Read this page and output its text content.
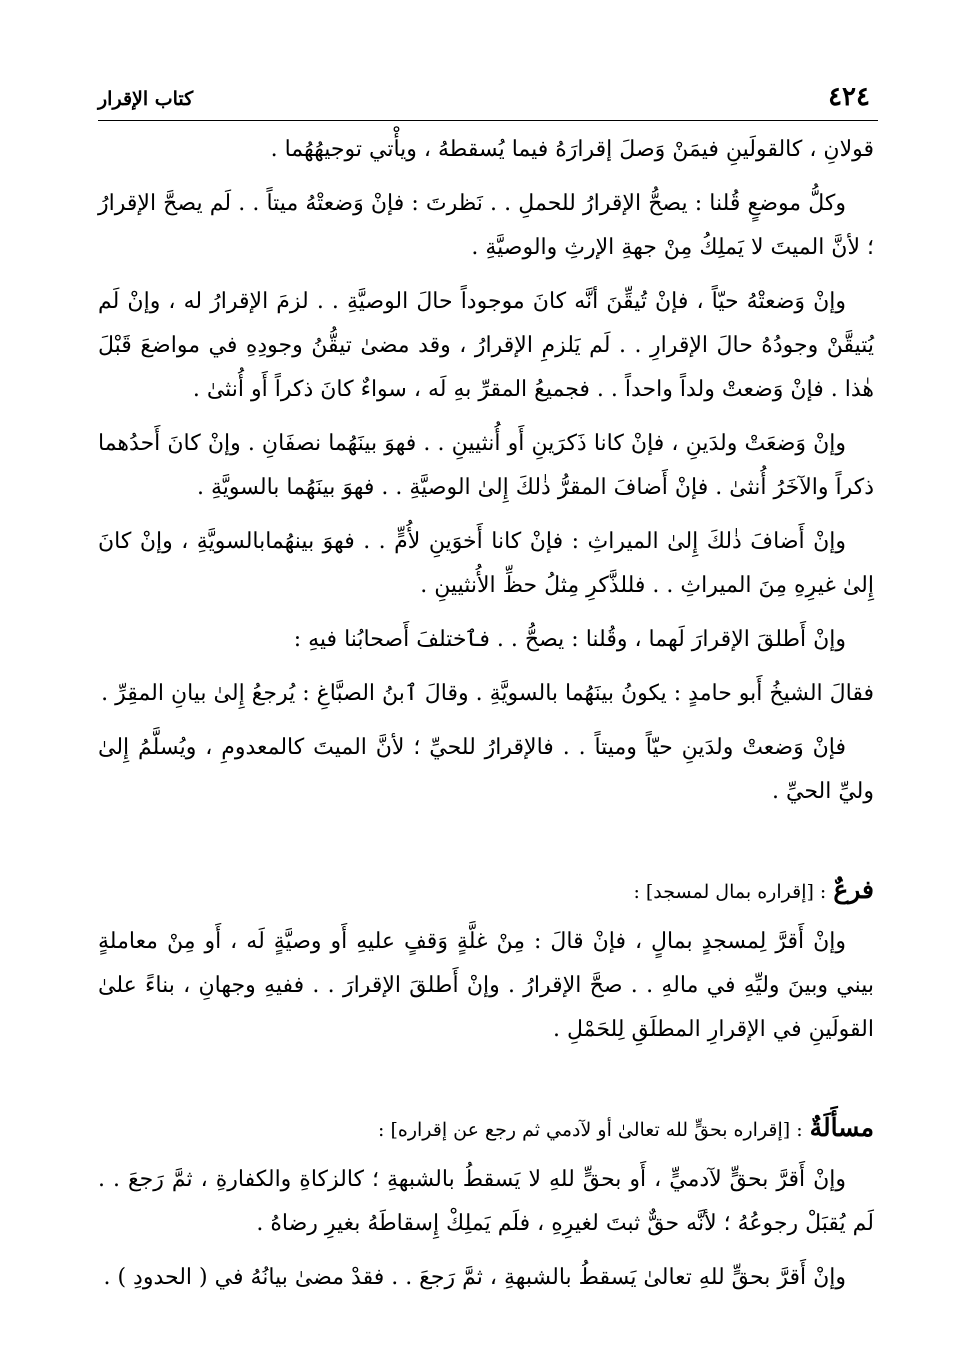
٤٢٤
كتاب الإقرار

قولانِ ، كالقولَينِ فيمَنْ وَصلَ إقرارَهُ فيما يُسقطهُ ، ويأْتي توجيهُهُما .

وكلُّ موضعٍ قُلنا : يصحُّ الإقرارُ للحملِ . . نَظرتَ : فإنْ وَضعتْهُ ميتاً . . لَم يصحَّ الإقرارُ ؛ لأنَّ الميتَ لا يَملِكُ مِنْ جهةِ الإرثِ والوصيَّةِ .

وإنْ وَضعتْهُ حيّاً ، فإنْ تُيقِّنَ أنَّه كانَ موجوداً حالَ الوصيَّةِ . . لزمَ الإقرارُ له ، وإنْ لَم يُتيقَّنْ وجودُهُ حالَ الإقرارِ . . لَم يَلزمِ الإقرارُ ، وقد مضىٰ تيقُّنُ وجودِهِ في مواضعَ قَبْلَ هٰذا . فإنْ وَضعتْ ولداً واحداً . . فجميعُ المقرِّ بهِ لَه ، سواءٌ كانَ ذكراً أَو أُنثىٰ .

وإنْ وَضعَتْ ولدَينِ ، فإنْ كانا ذَكرَينِ أَو أُنثيينِ . . فهوَ بينَهُما نصفَانِ . وإنْ كانَ أَحدُهما ذكراً والآخَرُ أُنثىٰ . فإنْ أَضافَ المقرُّ ذٰلكَ إِلىٰ الوصيَّةِ . . فهوَ بينَهُما بالسويَّةِ .

وإنْ أَضافَ ذٰلكَ إِلىٰ الميراثِ : فإنْ كانا أَخوَينِ لأُمٍّ . . فهوَ بينهُمابالسويَّةِ ، وإنْ كانَ إِلىٰ غيرِهِ مِنَ الميراثِ . . فللذَّكرِ مِثلُ حظِّ الأُنثيينِ .

وإنْ أَطلقَ الإقرارَ لَهما ، وقُلنا : يصحُّ . . فٱختلفَ أَصحابُنا فيهِ :

فقالَ الشيخُ أَبو حامدٍ : يكونُ بينَهُما بالسويَّةِ . وقالَ ٱبنُ الصبَّاغِ : يُرجعُ إِلىٰ بيانِ المقِرِّ .

فإنْ وَضعتْ ولدَينِ حيّاً وميتاً . . فالإقرارُ للحيِّ ؛ لأنَّ الميتَ كالمعدومِ ، ويُسلَّمُ إِلىٰ وليِّ الحيِّ .

فرعٌ : [إقراره بمال لمسجد] :

وإنْ أَقرَّ لِمسجدٍ بمالٍ ، فإنْ قالَ : مِنْ غلَّةٍ وَقفٍ عليهِ أَو وصيَّةٍ لَه ، أَو مِنْ معاملةٍ بيني وبينَ وليِّهِ في مالهِ . . صحَّ الإقرارُ . وإنْ أَطلقَ الإقرارَ . . ففيهِ وجهانِ ، بناءً علىٰ القولَينِ في الإقرارِ المطلَقِ لِلحَمْلِ .

مسأَلَةٌ : [إقراره بحقٍّ لله تعالىٰ أو لآدمي ثم رجع عن إقراره] :

وإنْ أَقرَّ بحقٍّ لآدميٍّ ، أَو بحقٍّ للهِ لا يَسقطُ بالشبهةِ ؛ كالزكاةِ والكفارةِ ، ثمَّ رَجعَ . . لَم يُقبَلْ رجوعُهُ ؛ لأنَّه حقٌّ ثبتَ لغيرِهِ ، فلَم يَملِكْ إِسقاطَهُ بغيرِ رضاهُ .

وإنْ أَقرَّ بحقٍّ للهِ تعالىٰ يَسقطُ بالشبهةِ ، ثمَّ رَجعَ . . فقدْ مضىٰ بيانُهُ في ( الحدودِ ) .
